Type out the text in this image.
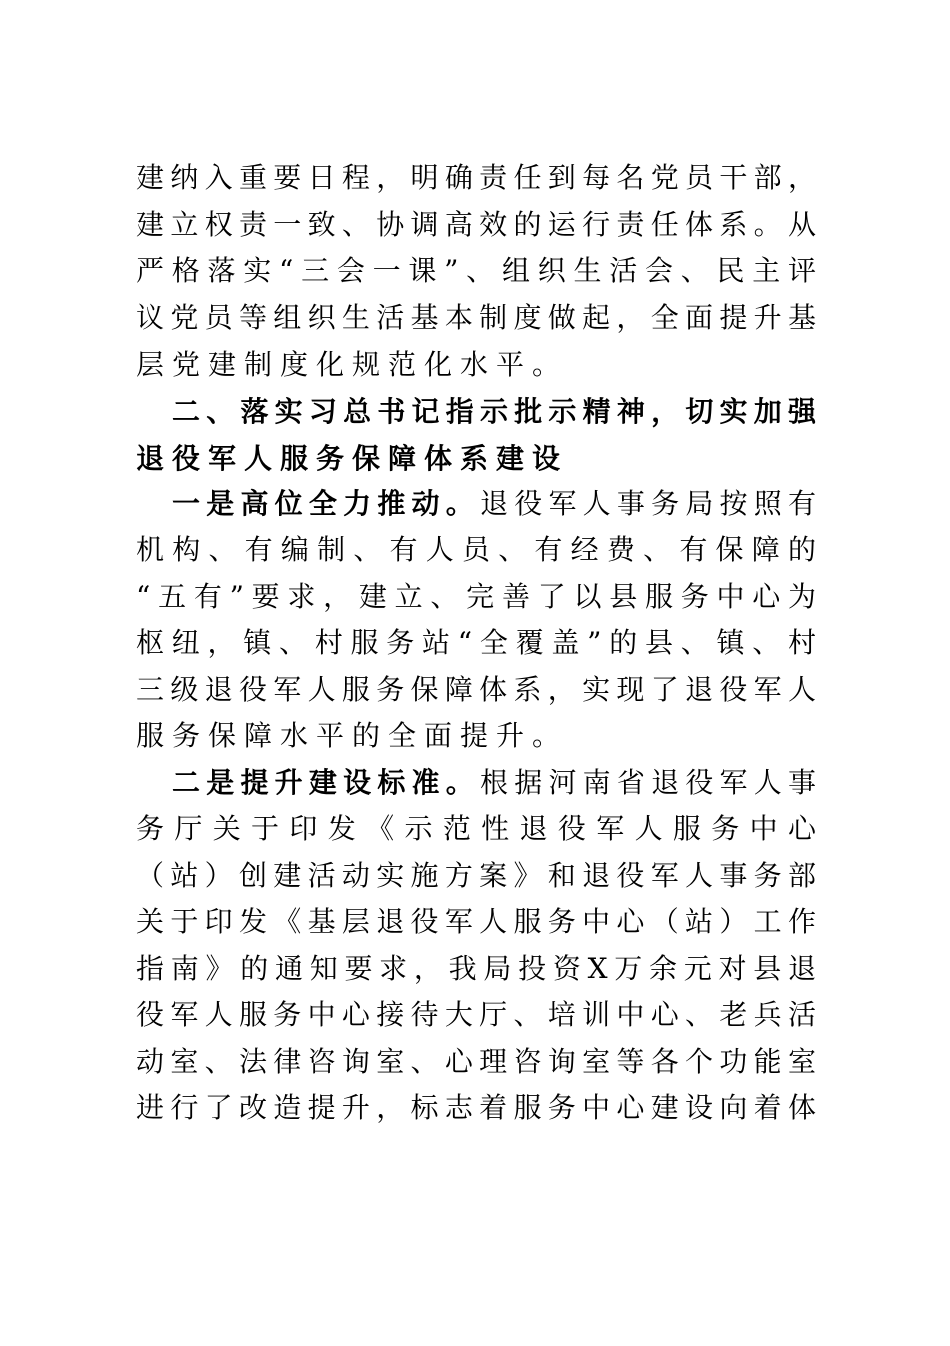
建纳入重要日程，明确责任到每名党员干部，
建立权责一致、协调高效的运行责任体系。从
严格落实“三会一课”、组织生活会、民主评
议党员等组织生活基本制度做起，全面提升基
层党建制度化规范化水平。
二、落实习总书记指示批示精神，切实加强
退役军人服务保障体系建设
一是高位全力推动。退役军人事务局按照有
机构、有编制、有人员、有经费、有保障的
“五有”要求，建立、完善了以县服务中心为
枢纽，镇、村服务站“全覆盖”的县、镇、村
三级退役军人服务保障体系，实现了退役军人
服务保障水平的全面提升。
二是提升建设标准。根据河南省退役军人事
务厅关于印发《示范性退役军人服务中心
（站）创建活动实施方案》和退役军人事务部
关于印发《基层退役军人服务中心（站）工作
指南》的通知要求，我局投资X万余元对县退
役军人服务中心接待大厅、培训中心、老兵活
动室、法律咨询室、心理咨询室等各个功能室
进行了改造提升，标志着服务中心建设向着体
